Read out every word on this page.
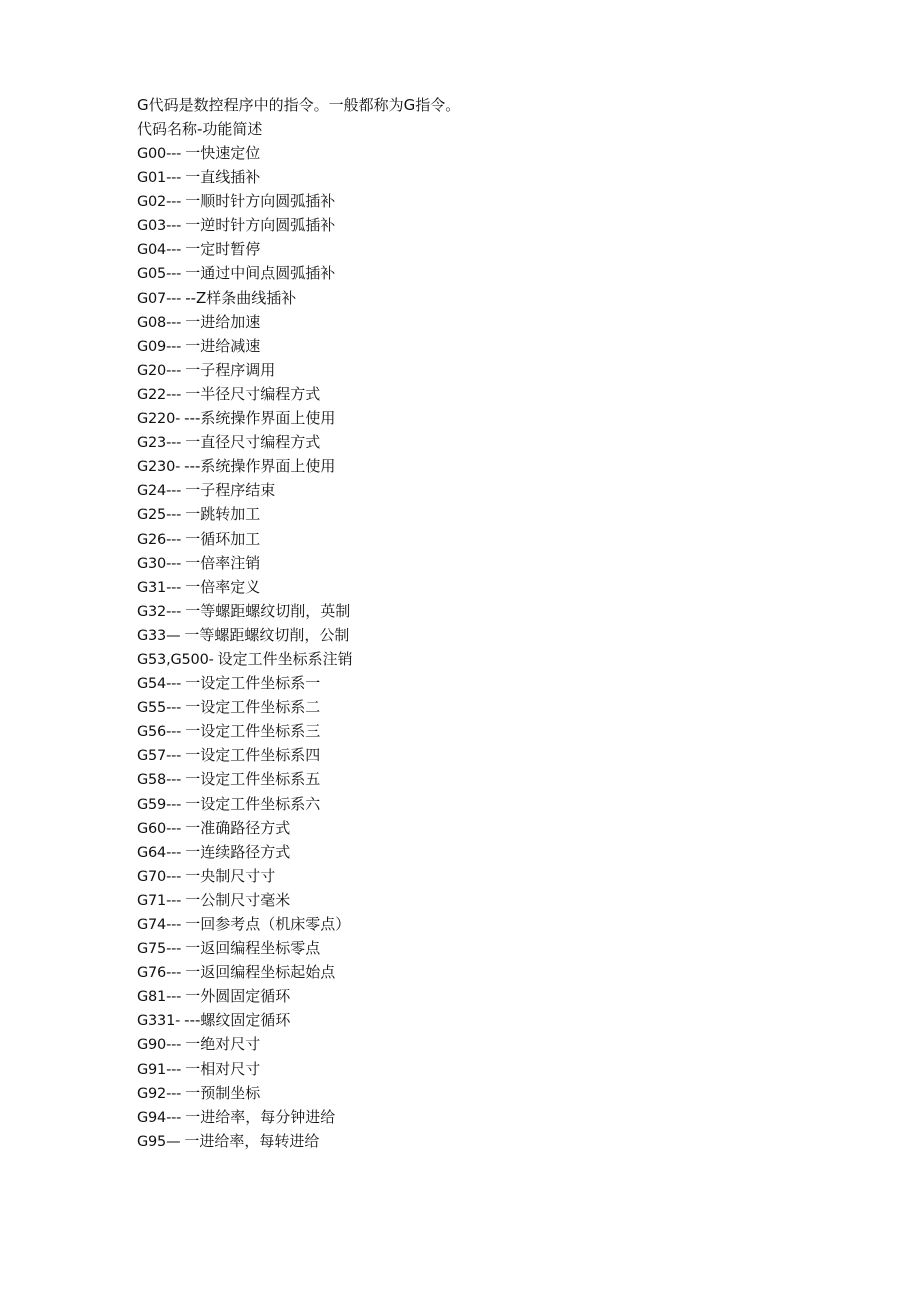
G代码是数控程序中的指令。一般都称为G指令。
代码名称-功能简述
G00--- 一快速定位
G01--- 一直线插补
G02--- 一顺时针方向圆弧插补
G03--- 一逆时针方向圆弧插补
G04--- 一定时暂停
G05--- 一通过中间点圆弧插补
G07--- --Z样条曲线插补
G08--- 一进给加速
G09--- 一进给减速
G20--- 一子程序调用
G22--- 一半径尺寸编程方式
G220- ---系统操作界面上使用
G23--- 一直径尺寸编程方式
G230- ---系统操作界面上使用
G24--- 一子程序结束
G25--- 一跳转加工
G26--- 一循环加工
G30--- 一倍率注销
G31--- 一倍率定义
G32--- 一等螺距螺纹切削，英制
G33— 一等螺距螺纹切削，公制
G53,G500- 设定工件坐标系注销
G54--- 一设定工件坐标系一
G55--- 一设定工件坐标系二
G56--- 一设定工件坐标系三
G57--- 一设定工件坐标系四
G58--- 一设定工件坐标系五
G59--- 一设定工件坐标系六
G60--- 一准确路径方式
G64--- 一连续路径方式
G70--- 一央制尺寸寸
G71--- 一公制尺寸毫米
G74--- 一回参考点（机床零点）
G75--- 一返回编程坐标零点
G76--- 一返回编程坐标起始点
G81--- 一外圆固定循环
G331- ---螺纹固定循环
G90--- 一绝对尺寸
G91--- 一相对尺寸
G92--- 一预制坐标
G94--- 一进给率，每分钟进给
G95— 一进给率，每转进给
